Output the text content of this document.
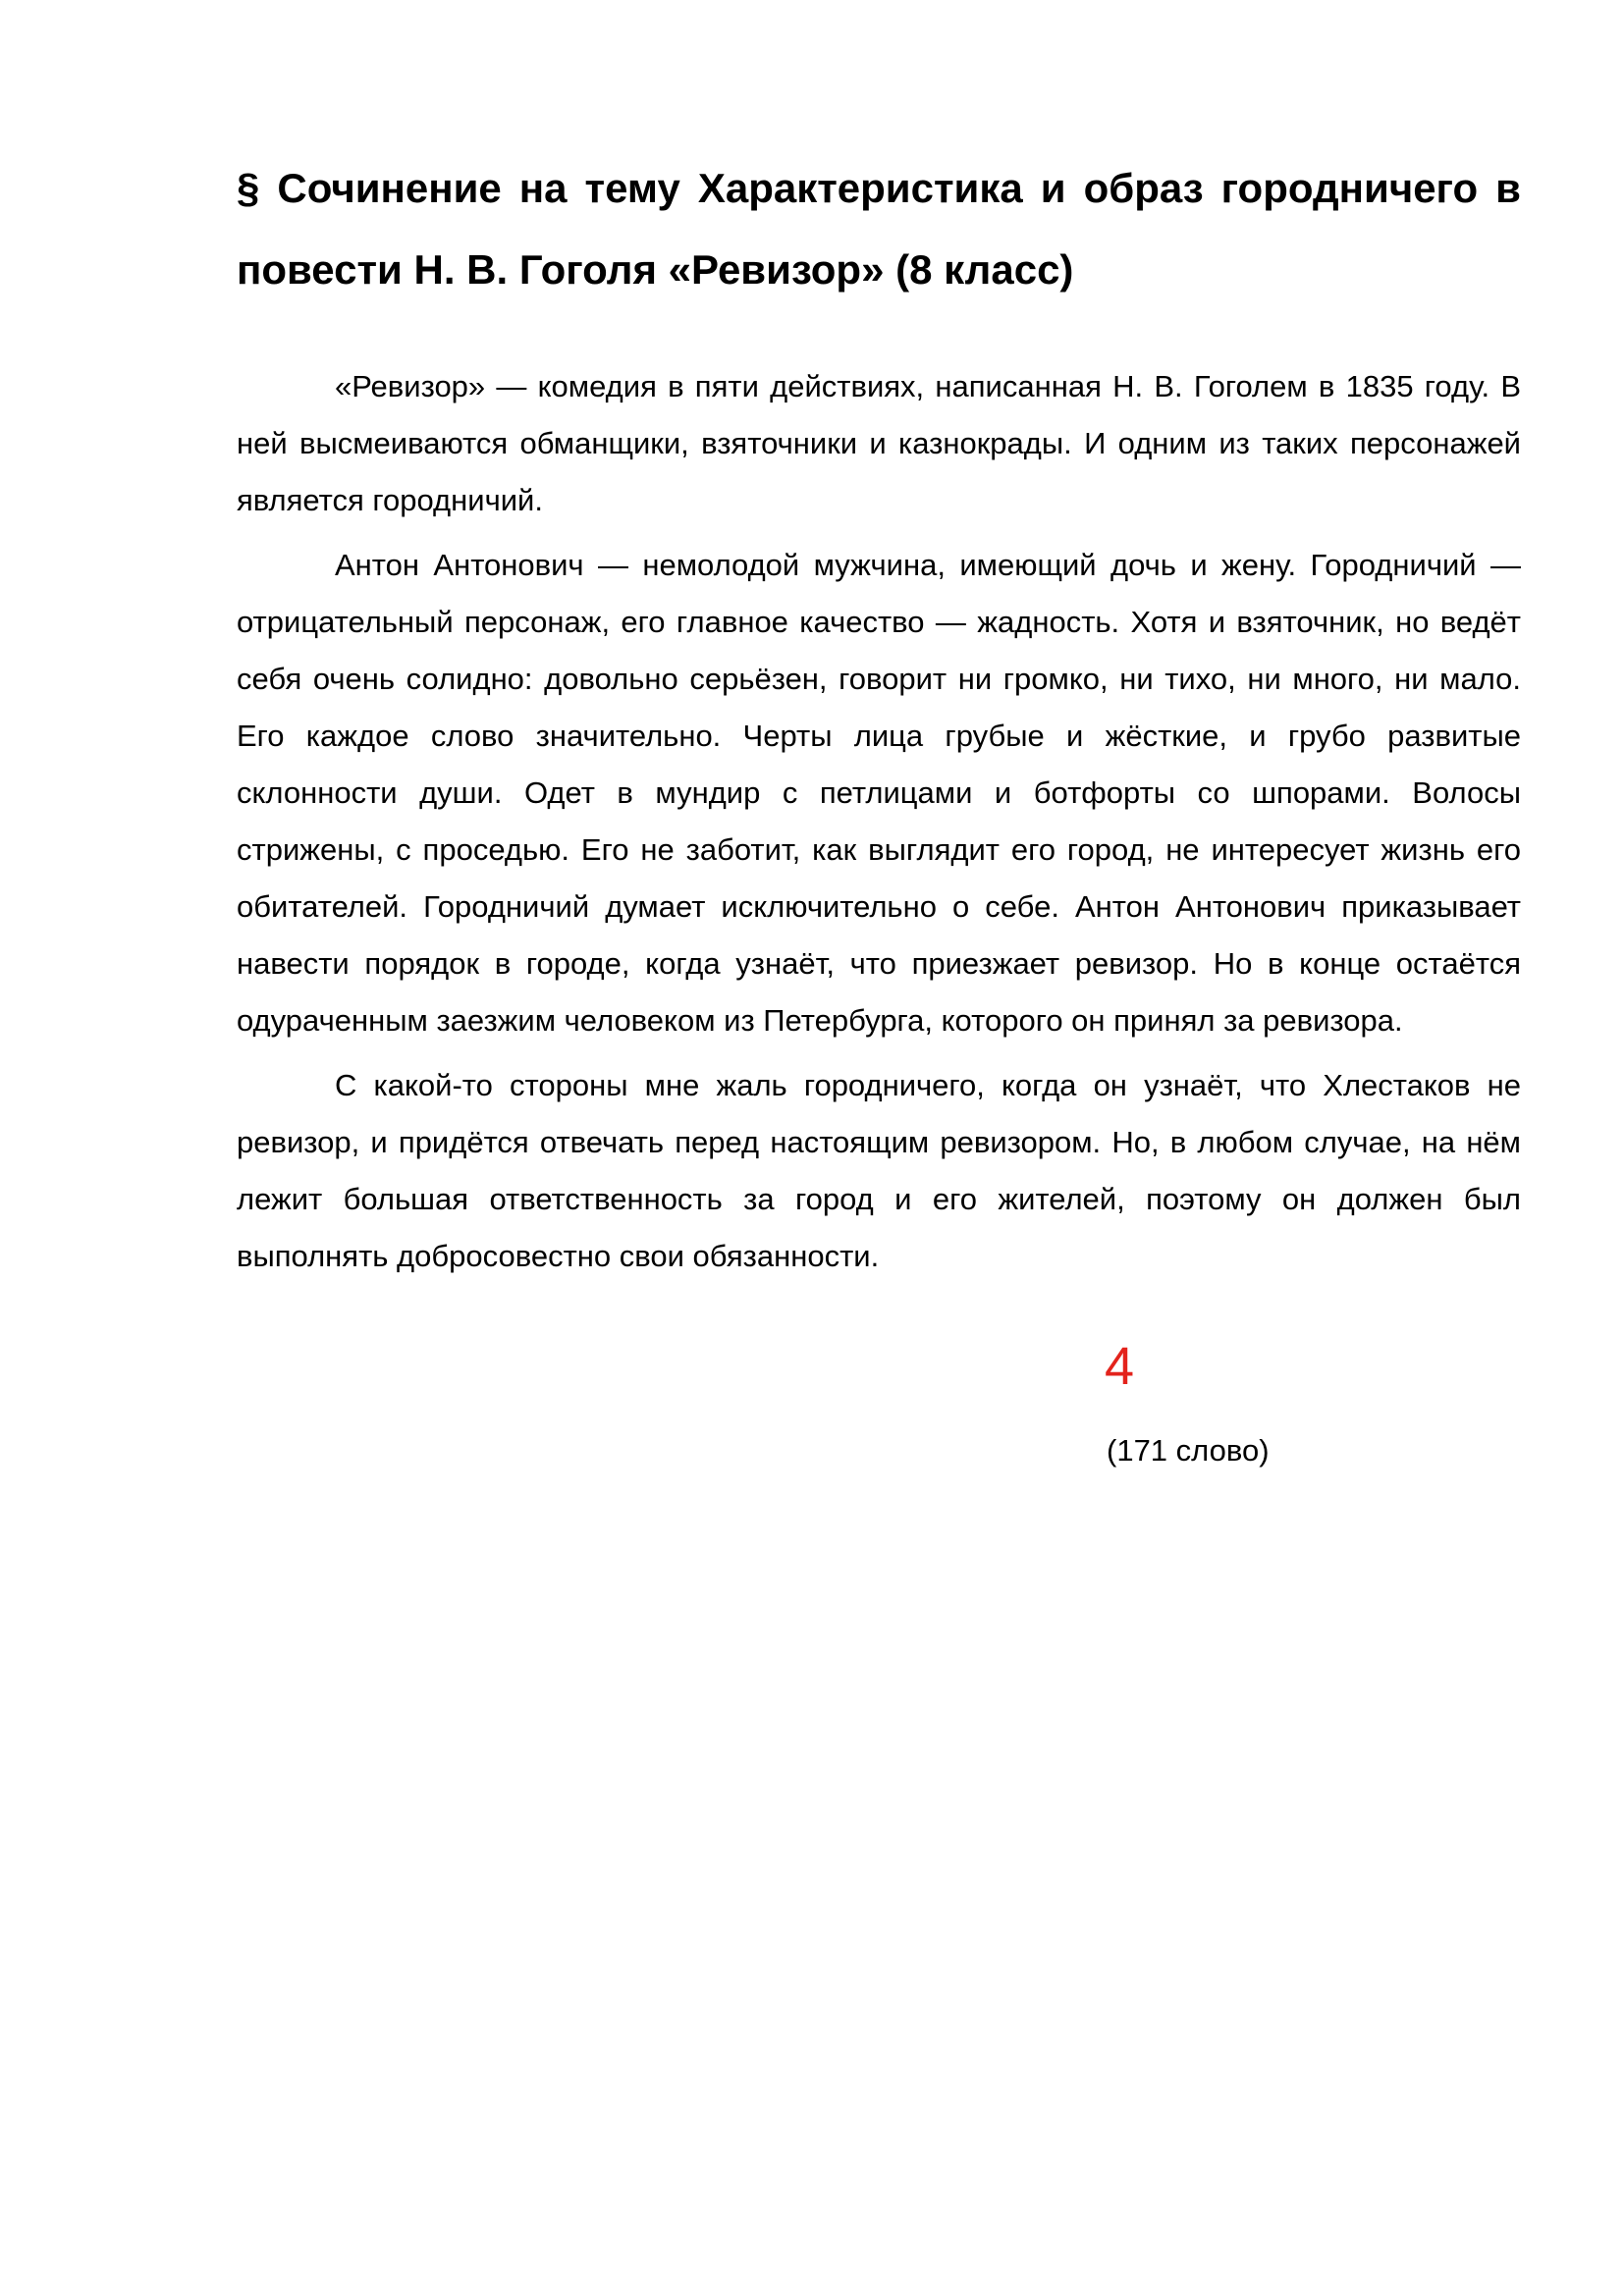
§ Сочинение на тему Характеристика и образ городничего в повести Н. В. Гоголя «Ревизор» (8 класс)

«Ревизор» — комедия в пяти действиях, написанная Н. В. Гоголем в 1835 году. В ней высмеиваются обманщики, взяточники и казнокрады. И одним из таких персонажей является городничий.

Антон Антонович — немолодой мужчина, имеющий дочь и жену. Городничий — отрицательный персонаж, его главное качество — жадность. Хотя и взяточник, но ведёт себя очень солидно: довольно серьёзен, говорит ни громко, ни тихо, ни много, ни мало. Его каждое слово значительно. Черты лица грубые и жёсткие, и грубо развитые склонности души. Одет в мундир с петлицами и ботфорты со шпорами. Волосы стрижены, с проседью. Его не заботит, как выглядит его город, не интересует жизнь его обитателей. Городничий думает исключительно о себе. Антон Антонович приказывает навести порядок в городе, когда узнаёт, что приезжает ревизор. Но в конце остаётся одураченным заезжим человеком из Петербурга, которого он принял за ревизора.

С какой-то стороны мне жаль городничего, когда он узнаёт, что Хлестаков не ревизор, и придётся отвечать перед настоящим ревизором. Но, в любом случае, на нём лежит большая ответственность за город и его жителей, поэтому он должен был выполнять добросовестно свои обязанности.

4
(171 слово)
